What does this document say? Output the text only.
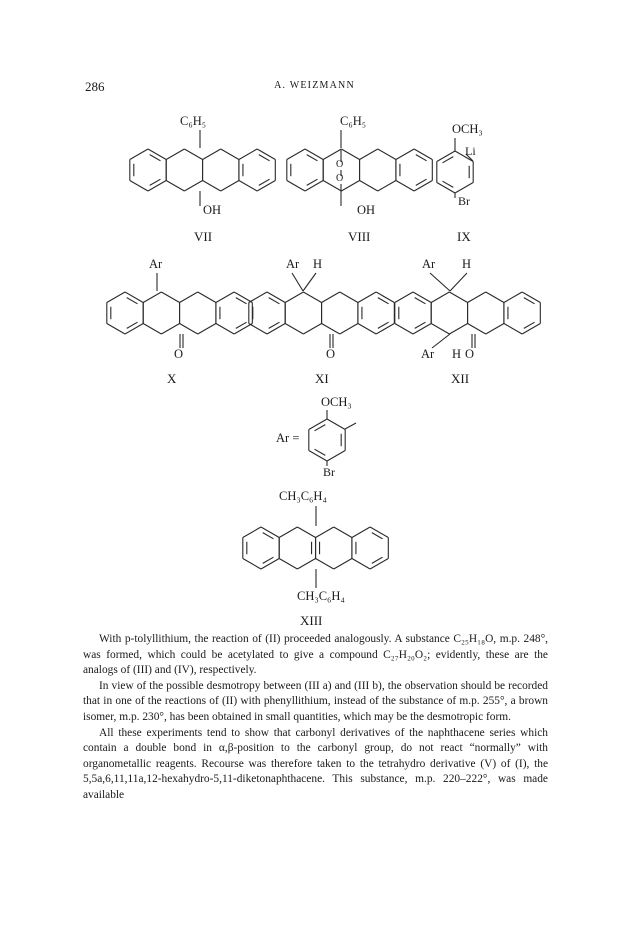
286	A. WEIZMANN
C₆H₅
OH
VII
C₆H₅
O
O
OH
VIII
OCH₃
Li
Br
IX
Ar
O
X
Ar H
O
XI
Ar H
Ar H O
XII
Ar =
OCH₃
Br
CH₃C₆H₄
CH₃C₆H₄
XIII

With p-tolyllithium, the reaction of (II) proceeded analogously. A substance C₂₅H₁₈O, m.p. 248°, was formed, which could be acetylated to give a compound C₂₇H₂₀O₂; evidently, these are the analogs of (III) and (IV), respectively.

In view of the possible desmotropy between (III a) and (III b), the observation should be recorded that in one of the reactions of (II) with phenyllithium, instead of the substance of m.p. 255°, a brown isomer, m.p. 230°, has been obtained in small quantities, which may be the desmotropic form.

All these experiments tend to show that carbonyl derivatives of the naphthacene series which contain a double bond in α,β-position to the carbonyl group, do not react “normally” with organometallic reagents. Recourse was therefore taken to the tetrahydro derivative (V) of (I), the 5,5a,6,11,11a,12-hexahydro-5,11-diketonaphthacene. This substance, m.p. 220–222°, was made available
